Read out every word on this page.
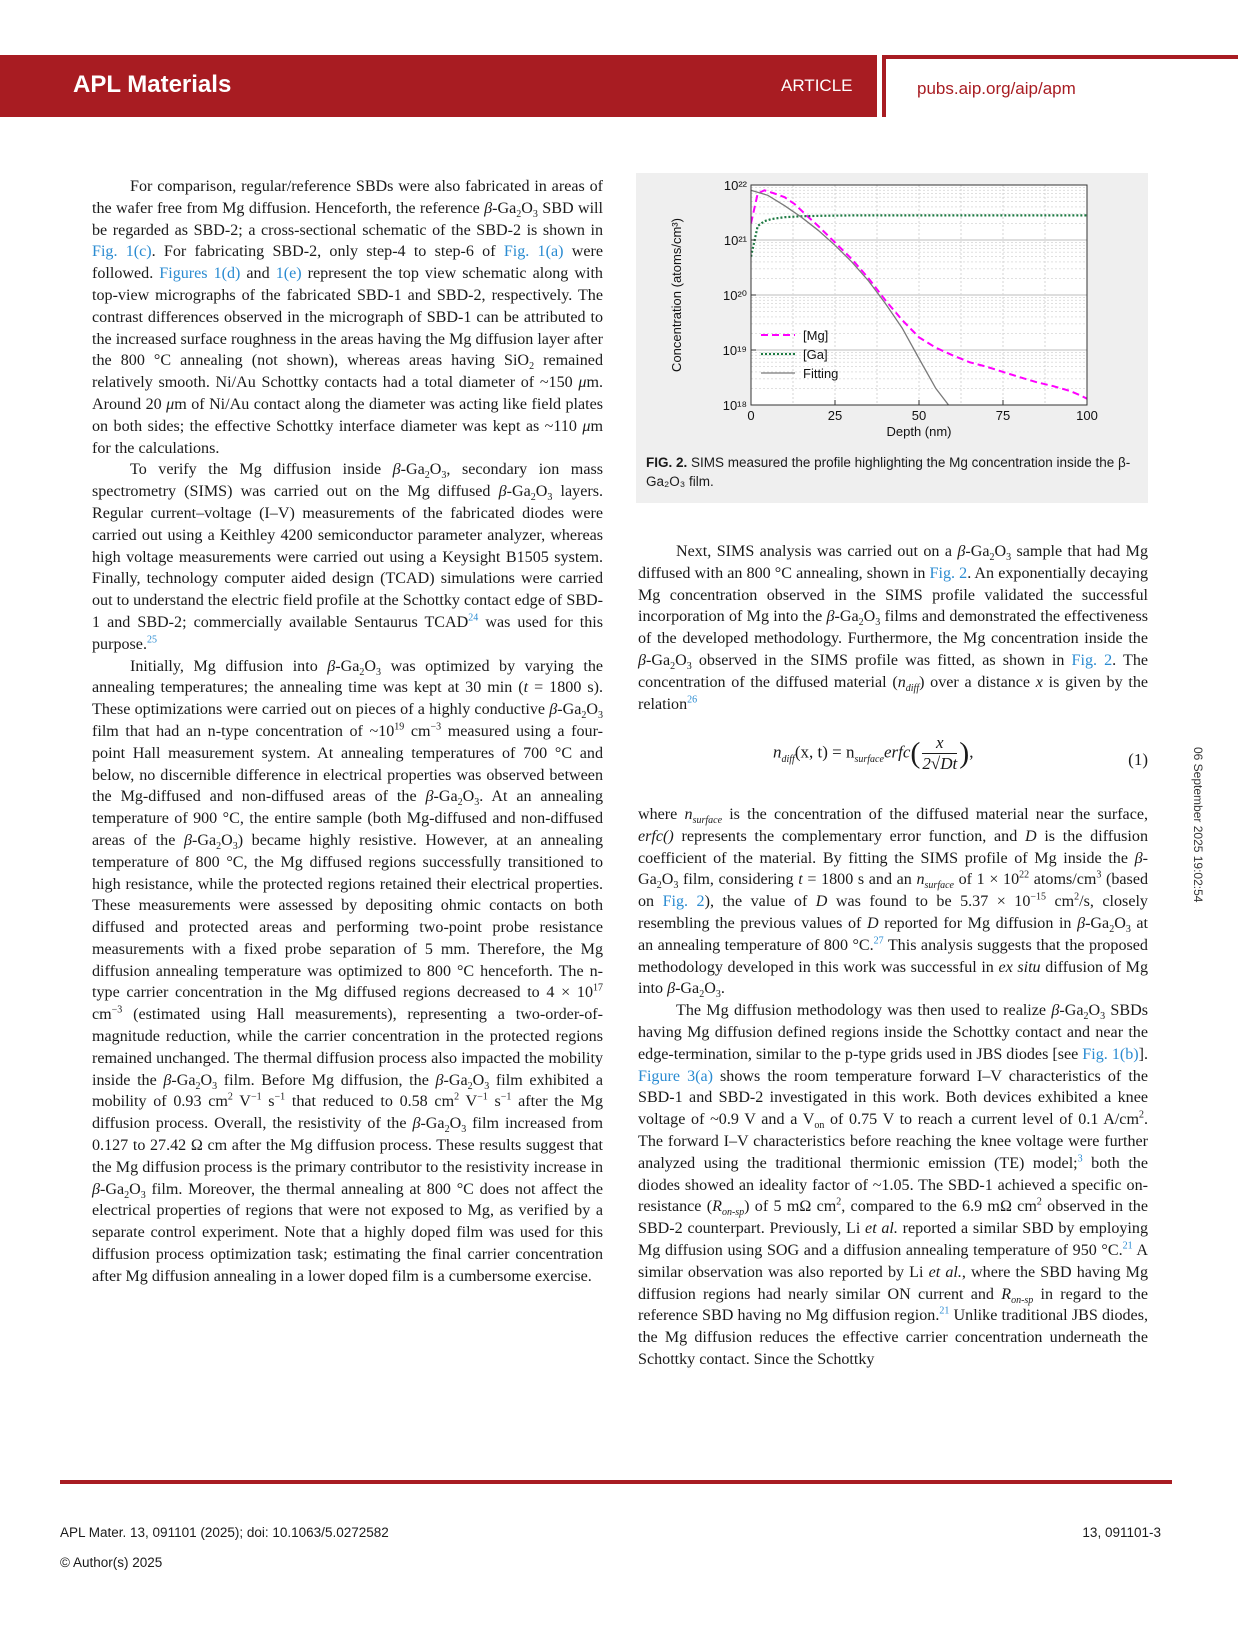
APL Materials	ARTICLE	pubs.aip.org/aip/apm

For comparison, regular/reference SBDs were also fabricated in areas of the wafer free from Mg diffusion. Henceforth, the reference $\beta-Ga_2O_3$ SBD will be regarded as SBD-2; a cross-sectional schematic of the SBD-2 is shown in Fig. 1(c). For fabricating SBD-2, only step-4 to step-6 of Fig. 1(a) were followed. Figures 1(d) and 1(e) represent the top view schematic along with top-view micrographs of the fabricated SBD-1 and SBD-2, respectively. The contrast differences observed in the micrograph of SBD-1 can be attributed to the increased surface roughness in the areas having the Mg diffusion layer after the 800 °C annealing (not shown), whereas areas having SiO$_2$ remained relatively smooth. Ni/Au Schottky contacts had a total diameter of ~150 μm. Around 20 μm of Ni/Au contact along the diameter was acting like field plates on both sides; the effective Schottky interface diameter was kept as ~110 μm for the calculations.

To verify the Mg diffusion inside $\beta-Ga_2O_3$, secondary ion mass spectrometry (SIMS) was carried out on the Mg diffused $\beta-Ga_2O_3$ layers. Regular current–voltage (I–V) measurements of the fabricated diodes were carried out using a Keithley 4200 semiconductor parameter analyzer, whereas high voltage measurements were carried out using a Keysight B1505 system. Finally, technology computer aided design (TCAD) simulations were carried out to understand the electric field profile at the Schottky contact edge of SBD-1 and SBD-2; commercially available Sentaurus TCAD$^{24}$ was used for this purpose.$^{25}$

Initially, Mg diffusion into $\beta-Ga_2O_3$ was optimized by varying the annealing temperatures; the annealing time was kept at 30 min (t = 1800 s). These optimizations were carried out on pieces of a highly conductive $\beta-Ga_2O_3$ film that had an n-type concentration of $\sim 10^{19}$ $cm^{-3}$ measured using a four-point Hall measurement system. At annealing temperatures of 700 °C and below, no discernible difference in electrical properties was observed between the Mg-diffused and non-diffused areas of the $\beta-Ga_2O_3$. At an annealing temperature of 900 °C, the entire sample (both Mg-diffused and non-diffused areas of the $\beta-Ga_2O_3$) became highly resistive. However, at an annealing temperature of 800 °C, the Mg diffused regions successfully transitioned to high resistance, while the protected regions retained their electrical properties. These measurements were assessed by depositing ohmic contacts on both diffused and protected areas and performing two-point probe resistance measurements with a fixed probe separation of 5 mm. Therefore, the Mg diffusion annealing temperature was optimized to 800 °C henceforth. The n-type carrier concentration in the Mg diffused regions decreased to $4 \times 10^{17}$ $cm^{-3}$ (estimated using Hall measurements), representing a two-order-of-magnitude reduction, while the carrier concentration in the protected regions remained unchanged. The thermal diffusion process also impacted the mobility inside the $\beta-Ga_2O_3$ film. Before Mg diffusion, the $\beta-Ga_2O_3$ film exhibited a mobility of 0.93 $cm^2$ $V^{-1}$ $s^{-1}$ that reduced to 0.58 $cm^2$ $V^{-1}$ $s^{-1}$ after the Mg diffusion process. Overall, the resistivity of the $\beta-Ga_2O_3$ film increased from 0.127 to 27.42 Ω cm after the Mg diffusion process. These results suggest that the Mg diffusion process is the primary contributor to the resistivity increase in $\beta-Ga_2O_3$ film. Moreover, the thermal annealing at 800 °C does not affect the electrical properties of regions that were not exposed to Mg, as verified by a separate control experiment. Note that a highly doped film was used for this diffusion process optimization task; estimating the final carrier concentration after Mg diffusion annealing in a lower doped film is a cumbersome exercise.

0	25	50	75	100
10¹⁸
10¹⁹
10²⁰
10²¹
10²²
Depth (nm)
Concentration (atoms/cm³)	[Mg]
[Ga]
Fitting
FIG. 2. SIMS measured the profile highlighting the Mg concentration inside the β-Ga₂O₃ film.

Next, SIMS analysis was carried out on a $\beta-Ga_2O_3$ sample that had Mg diffused with an 800 °C annealing, shown in Fig. 2. An exponentially decaying Mg concentration observed in the SIMS profile validated the successful incorporation of Mg into the $\beta-Ga_2O_3$ films and demonstrated the effectiveness of the developed methodology. Furthermore, the Mg concentration inside the $\beta-Ga_2O_3$ observed in the SIMS profile was fitted, as shown in Fig. 2. The concentration of the diffused material $(n_{diff})$ over a distance x is given by the relation$^{26}$

$n_{diff}(x$, $t) = n_{surface}erfc( \frac{x}{2√Dt}$ ),	(1)

where $n_{surface}$ is the concentration of the diffused material near the surface, erfc() represents the complementary error function, and D is the diffusion coefficient of the material. By fitting the SIMS profile of Mg inside the $\beta-Ga_2O_3$ film, considering t = 1800 s and an $n_{surface}$ of $1 \times 10^{22}$ atoms/$cm^3$ (based on Fig. 2), the value of D was found to be $5.37 \times 10^{-15}$ $cm^2/s$, closely resembling the previous values of D reported for Mg diffusion in $\beta-Ga_2O_3$ at an annealing temperature of 800 °C.$^{27}$ This analysis suggests that the proposed methodology developed in this work was successful in ex situ diffusion of Mg into $\beta-Ga_2O_3$.

The Mg diffusion methodology was then used to realize $\beta-Ga_2O_3$ SBDs having Mg diffusion defined regions inside the Schottky contact and near the edge-termination, similar to the p-type grids used in JBS diodes [see Fig. 1(b)]. Figure 3(a) shows the room temperature forward I–V characteristics of the SBD-1 and SBD-2 investigated in this work. Both devices exhibited a knee voltage of ~0.9 V and a $V_{on}$ of 0.75 V to reach a current level of 0.1 $A/cm^2$. The forward I–V characteristics before reaching the knee voltage were further analyzed using the traditional thermionic emission (TE) model;$^3$ both the diodes showed an ideality factor of ~1.05. The SBD-1 achieved a specific on-resistance $(R_{on-sp})$ of 5 mΩ $cm^2$, compared to the 6.9 mΩ $cm^2$ observed in the SBD-2 counterpart. Previously, Li et al. reported a similar SBD by employing Mg diffusion using SOG and a diffusion annealing temperature of 950 °C.$^{21}$ A similar observation was also reported by Li et al., where the SBD having Mg diffusion regions had nearly similar ON current and $R_{on-sp}$ in regard to the reference SBD having no Mg diffusion region.$^{21}$ Unlike traditional JBS diodes, the Mg diffusion reduces the effective carrier concentration underneath the Schottky contact. Since the Schottky

06 September 2025 19:02:54
APL Mater. 13, 091101 (2025); doi: 10.1063/5.0272582
© Author(s) 2025
13, 091101-3
